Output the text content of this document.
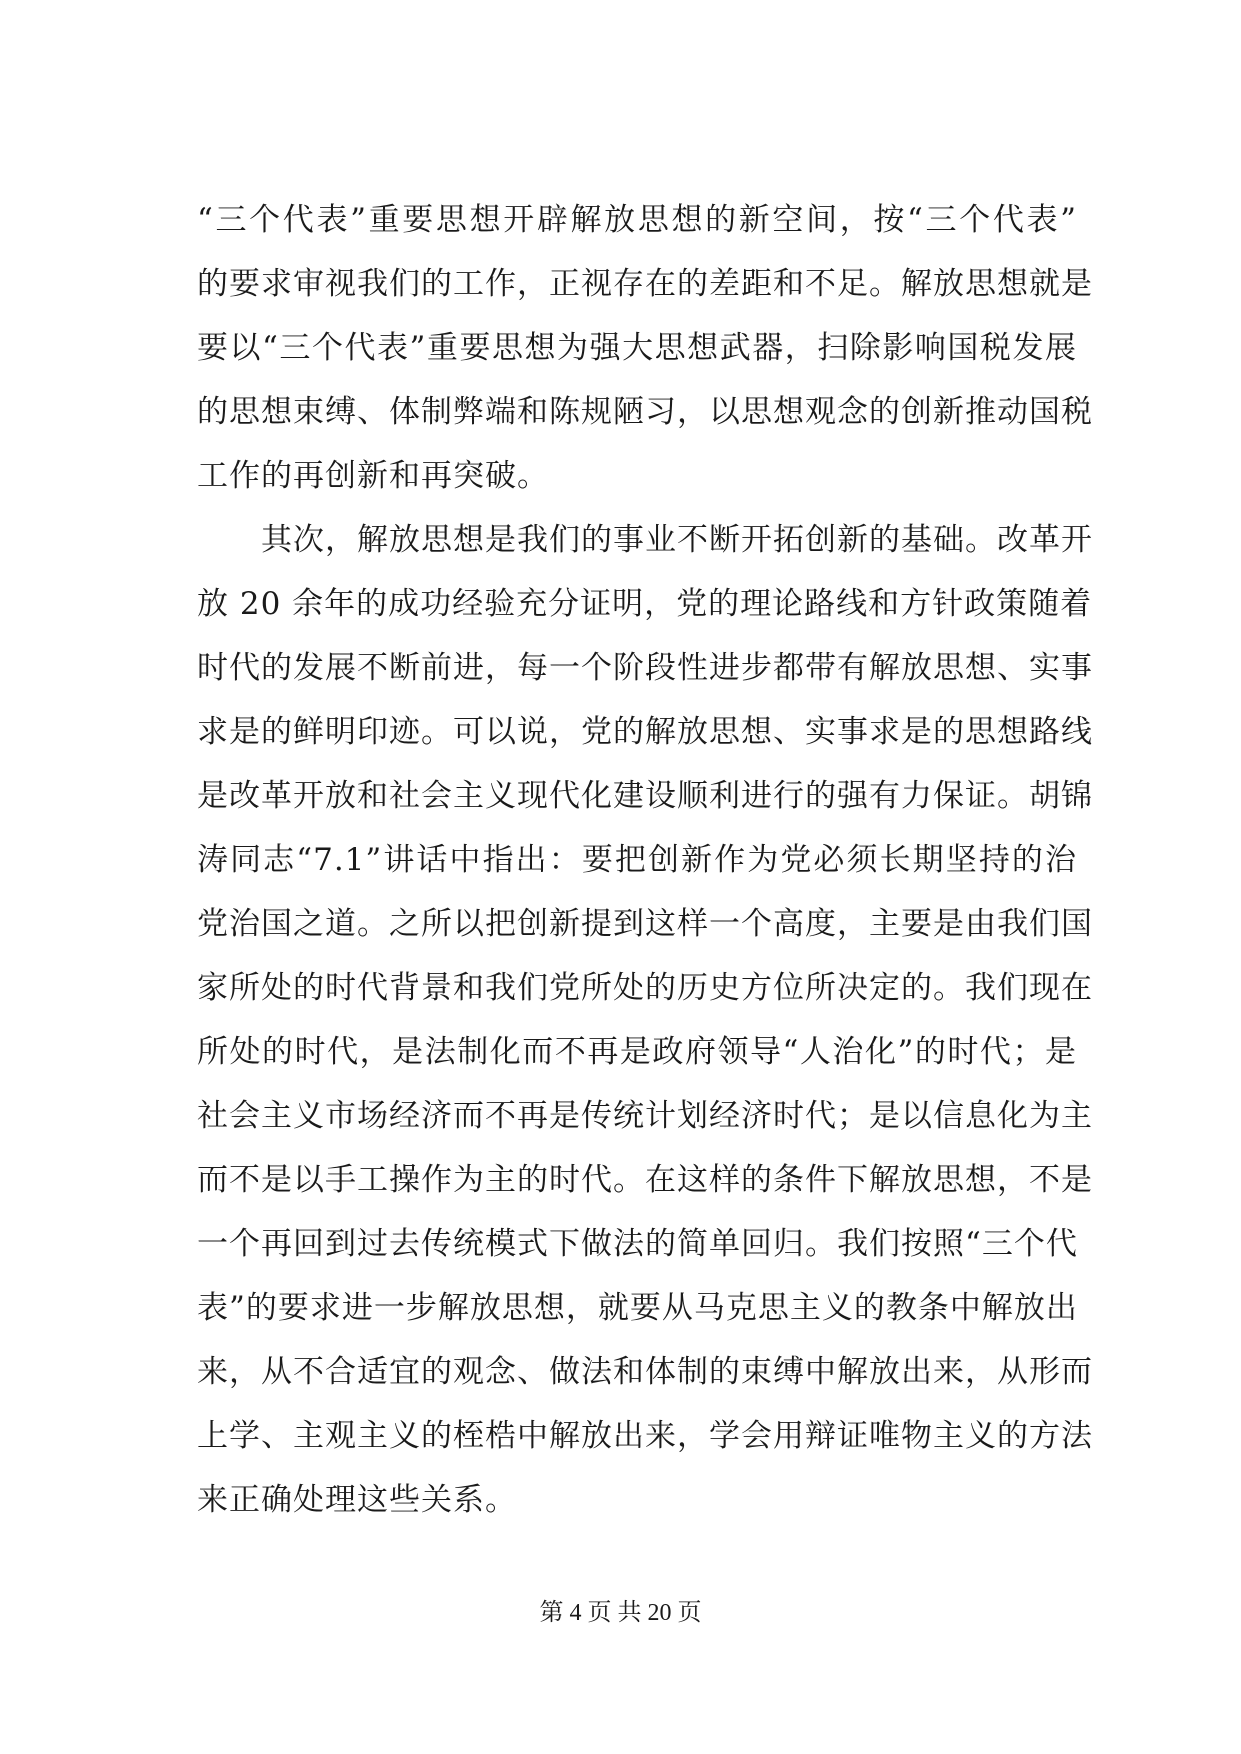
“三个代表”重要思想开辟解放思想的新空间，按“三个代表”
的要求审视我们的工作，正视存在的差距和不足。解放思想就是
要以“三个代表”重要思想为强大思想武器，扫除影响国税发展
的思想束缚、体制弊端和陈规陋习，以思想观念的创新推动国税
工作的再创新和再突破。
　　其次，解放思想是我们的事业不断开拓创新的基础。改革开
放 20 余年的成功经验充分证明，党的理论路线和方针政策随着
时代的发展不断前进，每一个阶段性进步都带有解放思想、实事
求是的鲜明印迹。可以说，党的解放思想、实事求是的思想路线
是改革开放和社会主义现代化建设顺利进行的强有力保证。胡锦
涛同志“7.1”讲话中指出：要把创新作为党必须长期坚持的治
党治国之道。之所以把创新提到这样一个高度，主要是由我们国
家所处的时代背景和我们党所处的历史方位所决定的。我们现在
所处的时代，是法制化而不再是政府领导“人治化”的时代；是
社会主义市场经济而不再是传统计划经济时代；是以信息化为主
而不是以手工操作为主的时代。在这样的条件下解放思想，不是
一个再回到过去传统模式下做法的简单回归。我们按照“三个代
表”的要求进一步解放思想，就要从马克思主义的教条中解放出
来，从不合适宜的观念、做法和体制的束缚中解放出来，从形而
上学、主观主义的桎梏中解放出来，学会用辩证唯物主义的方法
来正确处理这些关系。
第 4 页 共 20 页
